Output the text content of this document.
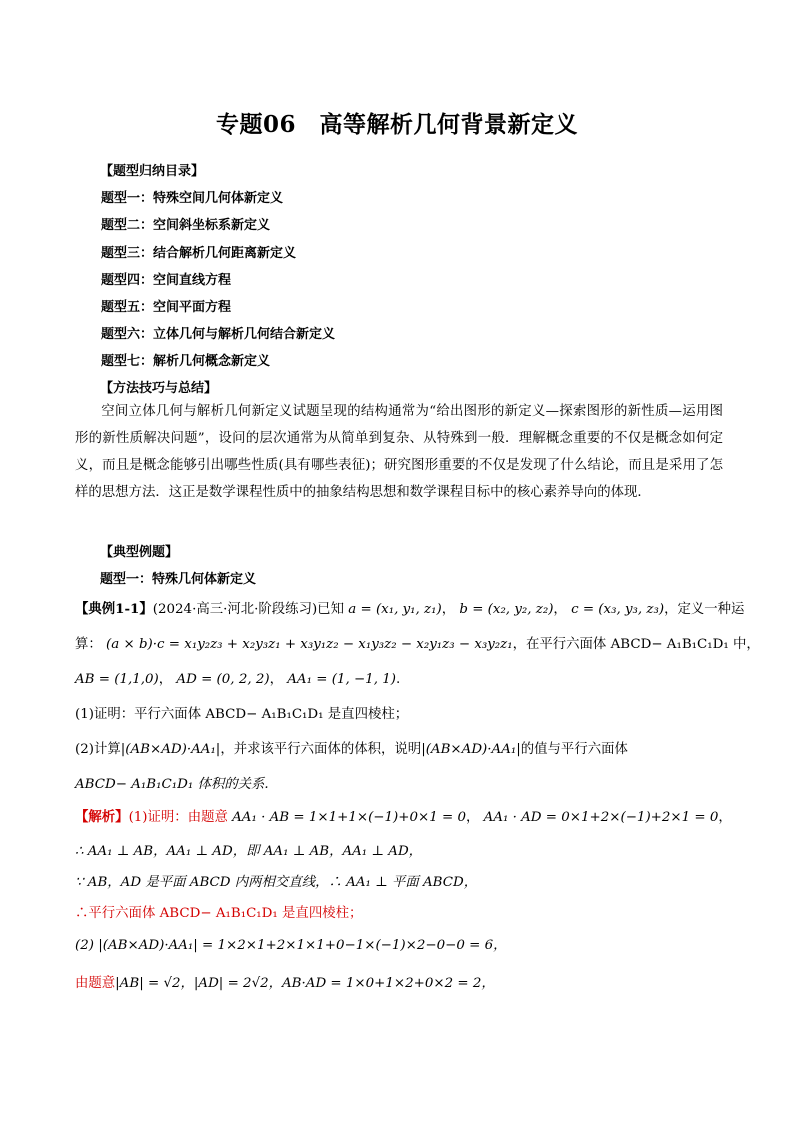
专题06　高等解析几何背景新定义
【题型归纳目录】
题型一：特殊空间几何体新定义
题型二：空间斜坐标系新定义
题型三：结合解析几何距离新定义
题型四：空间直线方程
题型五：空间平面方程
题型六：立体几何与解析几何结合新定义
题型七：解析几何概念新定义
【方法技巧与总结】
空间立体几何与解析几何新定义试题呈现的结构通常为“给出图形的新定义—探索图形的新性质—运用图形的新性质解决问题”，设问的层次通常为从简单到复杂、从特殊到一般．理解概念重要的不仅是概念如何定义，而且是概念能够引出哪些性质(具有哪些表征)；研究图形重要的不仅是发现了什么结论，而且是采用了怎样的思想方法．这正是数学课程性质中的抽象结构思想和数学课程目标中的核心素养导向的体现．
【典型例题】
题型一：特殊几何体新定义
【典例1-1】(2024·高三·河北·阶段练习)已知 a = (x₁, y₁, z₁)， b = (x₂, y₂, z₂)， c = (x₃, y₃, z₃)，定义一种运
算： (a × b)·c = x₁y₂z₃ + x₂y₃z₁ + x₃y₁z₂ − x₁y₃z₂ − x₂y₁z₃ − x₃y₂z₁，在平行六面体 ABCD− A₁B₁C₁D₁ 中，
AB = (1,1,0)， AD = (0, 2, 2)， AA₁ = (1, −1, 1).
(1)证明：平行六面体 ABCD− A₁B₁C₁D₁ 是直四棱柱；
(2)计算|(AB×AD)·AA₁|，并求该平行六面体的体积，说明|(AB×AD)·AA₁|的值与平行六面体
ABCD− A₁B₁C₁D₁ 体积的关系.
【解析】(1)证明：由题意 AA₁ · AB = 1×1+1×(−1)+0×1 = 0， AA₁ · AD = 0×1+2×(−1)+2×1 = 0，
∴ AA₁ ⊥ AB，AA₁ ⊥ AD，即 AA₁ ⊥ AB，AA₁ ⊥ AD，
∵ AB，AD 是平面 ABCD 内两相交直线，∴ AA₁ ⊥ 平面 ABCD，
∴平行六面体 ABCD− A₁B₁C₁D₁ 是直四棱柱；
(2) |(AB×AD)·AA₁| = 1×2×1+2×1×1+0−1×(−1)×2−0−0 = 6，
由题意|AB| = √2，|AD| = 2√2，AB·AD = 1×0+1×2+0×2 = 2，
